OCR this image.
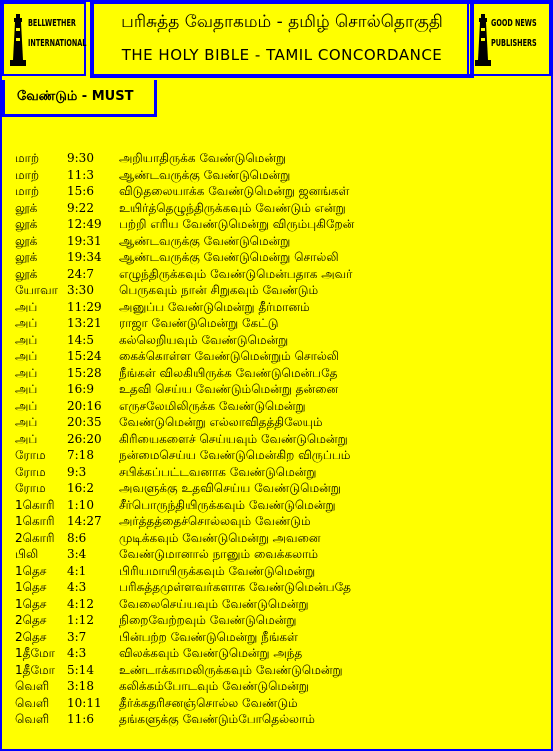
BELLWETHER
INTERNATIONAL
பரிசுத்த வேதாகமம் - தமிழ் சொல்தொகுதி
THE HOLY BIBLE - TAMIL CONCORDANCE
GOOD NEWS
PUBLISHERS
வேண்டும் - MUST
மாற்	9:30	அறியாதிருக்க வேண்டுமென்று
மாற்	11:3	ஆண்டவருக்கு வேண்டுமென்று
மாற்	15:6	விடுதலையாக்க வேண்டுமென்று ஜனங்கள்
லூக்	9:22	உயிர்த்தெழுந்திருக்கவும் வேண்டும் என்று
லூக்	12:49	பற்றி எரிய வேண்டுமென்று விரும்புகிறேன்
லூக்	19:31	ஆண்டவருக்கு வேண்டுமென்று
லூக்	19:34	ஆண்டவருக்கு வேண்டுமென்று சொல்லி
லூக்	24:7	எழுந்திருக்கவும் வேண்டுமென்பதாக அவர்
யோவா 3:30	பெருகவும் நான் சிறுகவும் வேண்டும்
அப்	11:29	அனுப்ப வேண்டுமென்று தீர்மானம்
அப்	13:21	ராஜா வேண்டுமென்று கேட்டு
அப்	14:5	கல்லெறியவும் வேண்டுமென்று
அப்	15:24	கைக்கொள்ள வேண்டுமென்றும் சொல்லி
அப்	15:28	நீங்கள் விலகியிருக்க வேண்டுமென்பதே
அப்	16:9	உதவி செய்ய வேண்டும்மென்று தன்னை
அப்	20:16	எருசலேமிலிருக்க வேண்டுமென்று
அப்	20:35	வேண்டுமென்று எல்லாவிதத்திலேயும்
அப்	26:20	கிரியைகளைச் செய்யவும் வேண்டுமென்று
ரோம	7:18	நன்மைசெய்ய வேண்டுமென்கிற விருப்பம்
ரோம	9:3	சபிக்கப்பட்டவனாக வேண்டுமென்று
ரோம	16:2	அவளுக்கு உதவிசெய்ய வேண்டுமென்று
1கொரி	1:10	சீர்பொருந்தியிருக்கவும் வேண்டுமென்று
1கொரி	14:27	அர்த்தத்தைச்சொல்லவும் வேண்டும்
2கொரி	8:6	முடிக்கவும் வேண்டுமென்று அவனை
பிலி	3:4	வேண்டுமானால் நானும் வைக்கலாம்
1தெச	4:1	பிரியமாயிருக்கவும் வேண்டுமென்று
1தெச	4:3	பரிசுத்தமுள்ளவர்களாக வேண்டுமென்பதே
1தெச	4:12	வேலைசெய்யவும் வேண்டுமென்று
2தெச	1:12	நிறைவேற்றவும் வேண்டுமென்று
2தெச	3:7	பின்பற்ற வேண்டுமென்று நீங்கள்
1தீமோ	4:3	விலக்கவும் வேண்டுமென்று அந்த
1தீமோ	5:14	உண்டாக்காமலிருக்கவும் வேண்டுமென்று
வெளி	3:18	கலிக்கம்போடவும் வேண்டுமென்று
வெளி	10:11	தீர்க்கதரிசனஞ்சொல்ல வேண்டும்
வெளி	11:6	தங்களுக்கு வேண்டும்போதெல்லாம்
